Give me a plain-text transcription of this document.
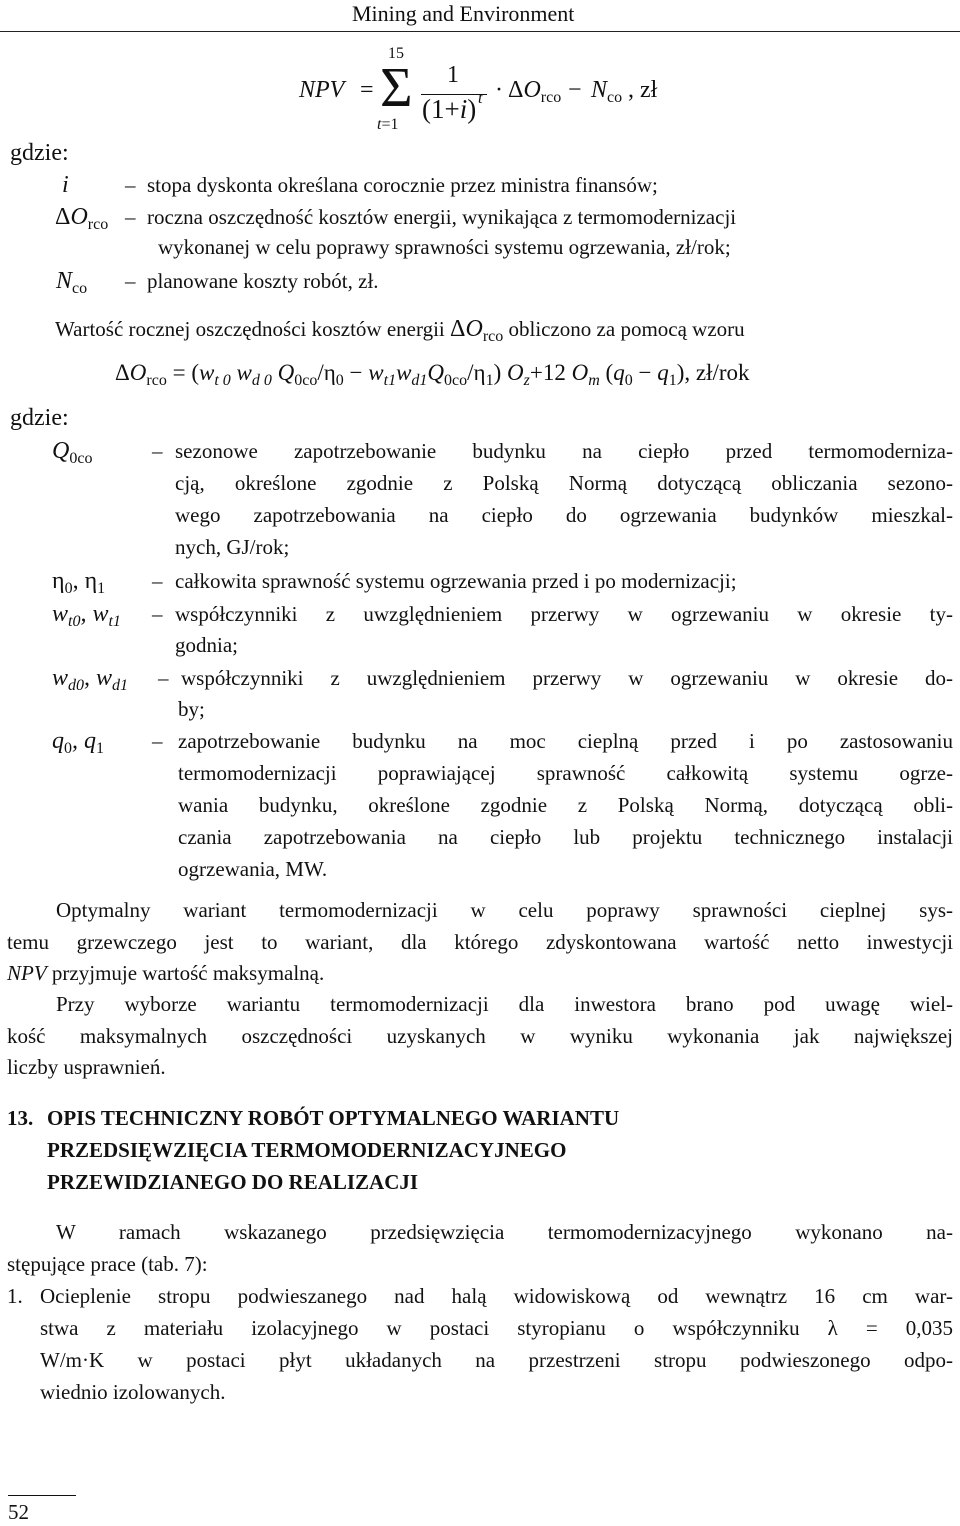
Mining and Environment
NPV =
15
Σ
t=1
1
(1+i) $t \cdot \Delta O_{rco} - N_{co}$ , zł
gdzie:
i	– stopa dyskonta określana corocznie przez ministra finansów;
$\Delta O_{rco}$ – roczna oszczędność kosztów energii, wynikająca z termomodernizacji
wykonanej w celu poprawy sprawności systemu ogrzewania, zł/rok;
$N_{co}$ – planowane koszty robót, zł.
Wartość rocznej oszczędności kosztów energii $\Delta O_{rco}$ obliczono za pomocą wzoru
$\Delta O_{rco} = (w_{t 0}$ $w_{d 0}$ $Q_{0co}/\eta_0 - w_{t1}w_{d1}Q_{0co}/\eta_1$) $O_z+12$ $O_m$ $(q_0 - q_1)$, zł/rok
gdzie:
$Q_{0co}$	– sezonowe zapotrzebowanie budynku na ciepło przed termomoderniza-
cją, określone zgodnie z Polską Normą dotyczącą obliczania sezono-
wego zapotrzebowania na ciepło do ogrzewania budynków mieszkal-
nych, GJ/rok;
$\eta_0$, $\eta_1$ – całkowita sprawność systemu ogrzewania przed i po modernizacji;
$w_{t0}$, $w_{t1}$ – współczynniki z uwzględnieniem przerwy w ogrzewaniu w okresie ty-
godnia;
$w_{d0}$, $w_{d1}$ – współczynniki z uwzględnieniem przerwy w ogrzewaniu w okresie do-
by;
$q_0$, $q_1$ – zapotrzebowanie budynku na moc cieplną przed i po zastosowaniu
termomodernizacji poprawiającej sprawność całkowitą systemu ogrze-
wania budynku, określone zgodnie z Polską Normą, dotyczącą obli-
czania zapotrzebowania na ciepło lub projektu technicznego instalacji
ogrzewania, MW.
Optymalny wariant termomodernizacji w celu poprawy sprawności cieplnej sys-
temu grzewczego jest to wariant, dla którego zdyskontowana wartość netto inwestycji
NPV przyjmuje wartość maksymalną.
Przy wyborze wariantu termomodernizacji dla inwestora brano pod uwagę wiel-
kość maksymalnych oszczędności uzyskanych w wyniku wykonania jak największej
liczby usprawnień.
13. OPIS TECHNICZNY ROBÓT OPTYMALNEGO WARIANTU
PRZEDSIĘWZIĘCIA TERMOMODERNIZACYJNEGO
PRZEWIDZIANEGO DO REALIZACJI
W ramach wskazanego przedsięwzięcia termomodernizacyjnego wykonano na-
stępujące prace (tab. 7):
1. Ocieplenie stropu podwieszanego nad halą widowiskową od wewnątrz 16 cm war-
stwa z materiału izolacyjnego w postaci styropianu o współczynniku λ = 0,035
W/m·K w postaci płyt układanych na przestrzeni stropu podwieszonego odpo-
wiednio izolowanych.
52
